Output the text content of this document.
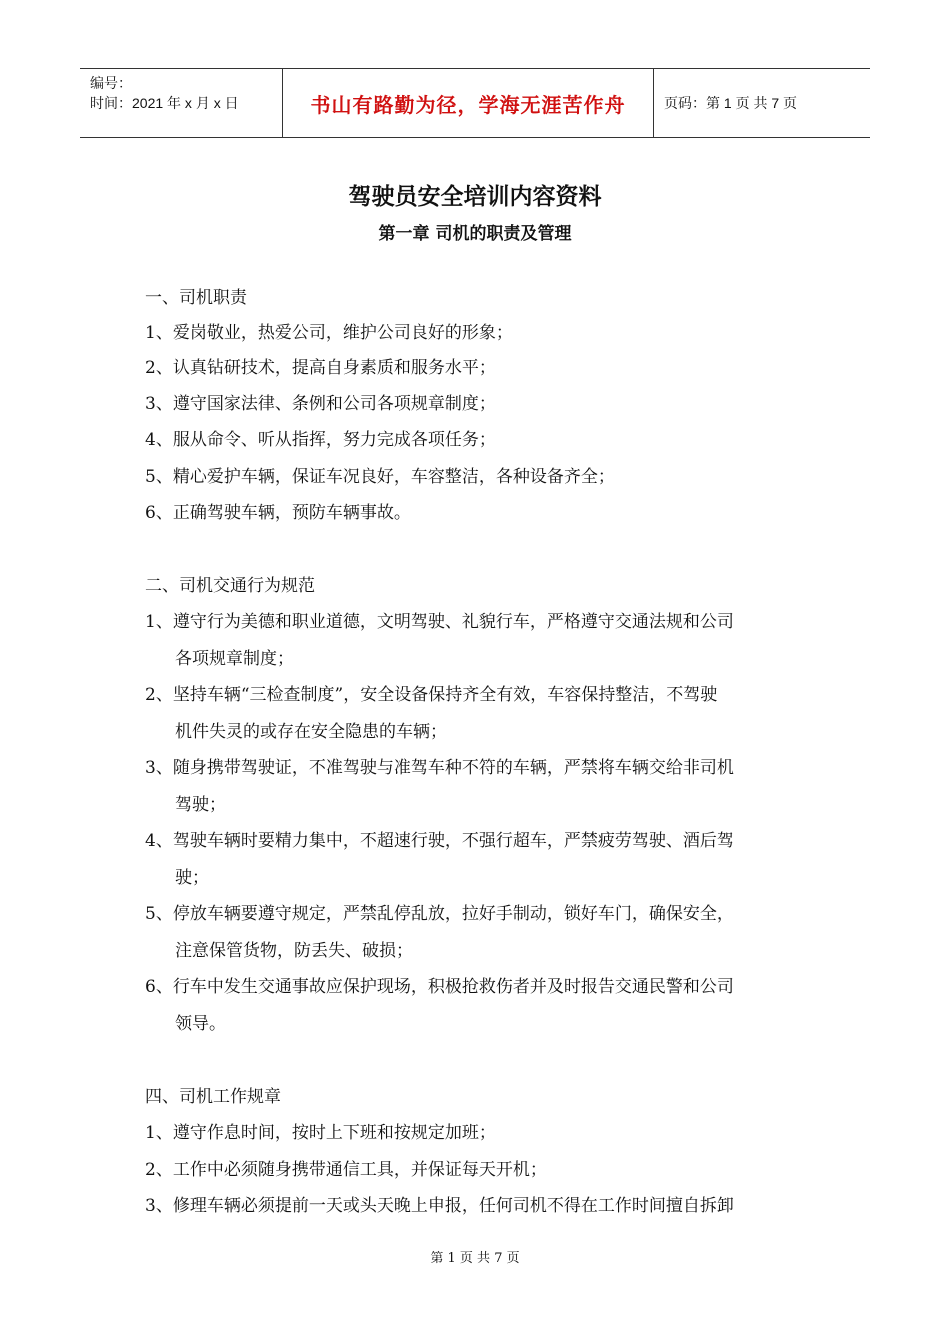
编号：
时间：2021 年 x 月 x 日	书山有路勤为径，学海无涯苦作舟	页码：第 1 页 共 7 页
驾驶员安全培训内容资料
第一章 司机的职责及管理
一、司机职责
1、爱岗敬业，热爱公司，维护公司良好的形象；
2、认真钻研技术，提高自身素质和服务水平；
3、遵守国家法律、条例和公司各项规章制度；
4、服从命令、听从指挥，努力完成各项任务；
5、精心爱护车辆，保证车况良好，车容整洁，各种设备齐全；
6、正确驾驶车辆，预防车辆事故。
二、司机交通行为规范
1、遵守行为美德和职业道德，文明驾驶、礼貌行车，严格遵守交通法规和公司
各项规章制度；
2、坚持车辆“三检查制度”，安全设备保持齐全有效，车容保持整洁，不驾驶
机件失灵的或存在安全隐患的车辆；
3、随身携带驾驶证，不准驾驶与准驾车种不符的车辆，严禁将车辆交给非司机
驾驶；
4、驾驶车辆时要精力集中，不超速行驶，不强行超车，严禁疲劳驾驶、酒后驾
驶；
5、停放车辆要遵守规定，严禁乱停乱放，拉好手制动，锁好车门，确保安全，
注意保管货物，防丢失、破损；
6、行车中发生交通事故应保护现场，积极抢救伤者并及时报告交通民警和公司
领导。
四、司机工作规章
1、遵守作息时间，按时上下班和按规定加班；
2、工作中必须随身携带通信工具，并保证每天开机；
3、修理车辆必须提前一天或头天晚上申报，任何司机不得在工作时间擅自拆卸
第 1 页 共 7 页
